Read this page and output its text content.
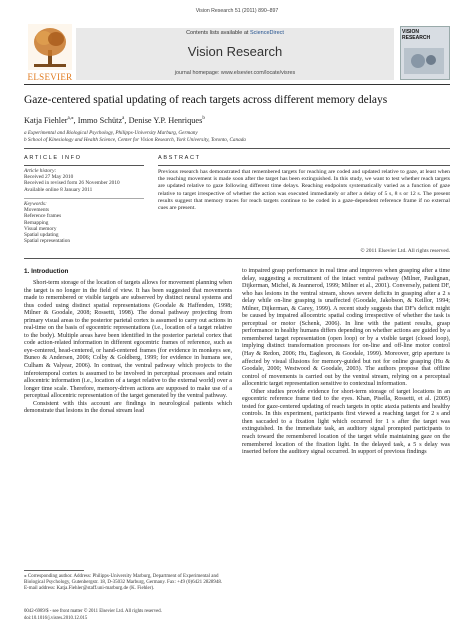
Vision Research 51 (2011) 890–897
ELSEVIER
Contents lists available at ScienceDirect
Vision Research
journal homepage: www.elsevier.com/locate/visres
VISION RESEARCH
Gaze-centered spatial updating of reach targets across different memory delays
Katja Fiehler$^{a,⁎}$, Immo Schütz$^a$, Denise Y.P. Henriques$^b$
a Experimental and Biological Psychology, Philipps-University Marburg, Germany
b School of Kinesiology and Health Science, Center for Vision Research, York University, Toronto, Canada
ARTICLE INFO
Article history:
Received 27 May 2010
Received in revised form 26 November 2010
Available online 8 January 2011
Keywords:
Movements
Reference frames
Remapping
Visual memory
Spatial updating
Spatial representation
ABSTRACT
Previous research has demonstrated that remembered targets for reaching are coded and updated relative to gaze, at least when the reaching movement is made soon after the target has been extinguished. In this study, we want to test whether reach targets are updated relative to gaze following different time delays. Reaching endpoints systematically varied as a function of gaze relative to target irrespective of whether the action was executed immediately or after a delay of 5 s, 8 s or 12 s. The present results suggest that memory traces for reach targets continue to be coded in a gaze-dependent reference frame if no external cues are present.
© 2011 Elsevier Ltd. All rights reserved.
1. Introduction

Short-term storage of the location of targets allows for movement planning when the target is no longer in the field of view. It has been suggested that movements made to remembered or visible targets are subserved by distinct neural systems and thus coded using distinct spatial representations (Goodale & Haffenden, 1998; Milner & Goodale, 2008; Rossetti, 1998). The dorsal pathway projecting from primary visual areas to the posterior parietal cortex is assumed to carry out actions in real-time on the basis of egocentric representations (i.e., location of a target relative to the body). Multiple areas have been identified in the posterior parietal cortex that code action-related information in different egocentric frames of reference, such as eye-centered, head-centered, or hand-centered frames (for evidence in monkeys see, Buneo & Andersen, 2006; Colby & Goldberg, 1999; for evidence in humans see, Culham & Valyear, 2006). In contrast, the ventral pathway which projects to the inferotemporal cortex is assumed to be involved in perceptual processes and retain allocentric information (i.e., location of a target relative to the external world) over a longer time scale. Therefore, memory-driven actions are supposed to make use of a perceptual allocentric representation of the target generated by the ventral pathway.

Consistent with this account are findings in neurological patients which demonstrate that lesions in the dorsal stream lead

to impaired grasp performance in real time and improves when grasping after a time delay, suggesting a recruitment of the intact ventral pathway (Milner, Paulignan, Dijkerman, Michel, & Jeannerod, 1999; Milner et al., 2001). Conversely, patient DF, who has lesions in the ventral stream, shows severe deficits in grasping after a 2 s delay while on-line grasping is unaffected (Goodale, Jakobson, & Keillor, 1994; Milner, Dijkerman, & Carey, 1999). A recent study suggests that DF's deficit might be caused by impaired allocentric spatial coding irrespective of whether the task is perceptual or motor (Schenk, 2006). In line with the patient results, grasp performance in healthy humans differs depending on whether actions are guided by a remembered target representation (open loop) or by a visible target (closed loop), implying distinct transformation processes for on-line and off-line motor control (Hay & Redon, 2006; Hu, Eagleson, & Goodale, 1999). Moreover, grip aperture is affected by visual illusions for memory-guided but not for online grasping (Hu & Goodale, 2000; Westwood & Goodale, 2003). The authors propose that offline control of movements is carried out by the ventral stream, relying on a perceptual allocentric target representation sensitive to contextual information.

Other studies provide evidence for short-term storage of target locations in an egocentric reference frame tied to the eyes. Khan, Pisella, Rossetti, et al. (2005) tested for gaze-centered updating of reach targets in optic ataxia patients and healthy controls. In this experiment, participants first viewed a reaching target for 2 s and then saccaded to a fixation light which occurred for 1 s after the target was extinguished. In the immediate task, an auditory signal prompted participants to reach toward the remembered location of the target while maintaining gaze on the remembered location of the fixation light. In the delayed task, a 5 s delay was inserted before the auditory signal occurred. In support of previous findings

⁎ Corresponding author. Address: Philipps-University Marburg, Department of Experimental and Biological Psychology, Gutenbergstr. 18, D-35032 Marburg, Germany. Fax: +49 (0)6421 2828948.
E-mail address: Katja.Fiehler@staff.uni-marburg.de (K. Fiehler).
0042-6989/$ - see front matter © 2011 Elsevier Ltd. All rights reserved.
doi:10.1016/j.visres.2010.12.015
